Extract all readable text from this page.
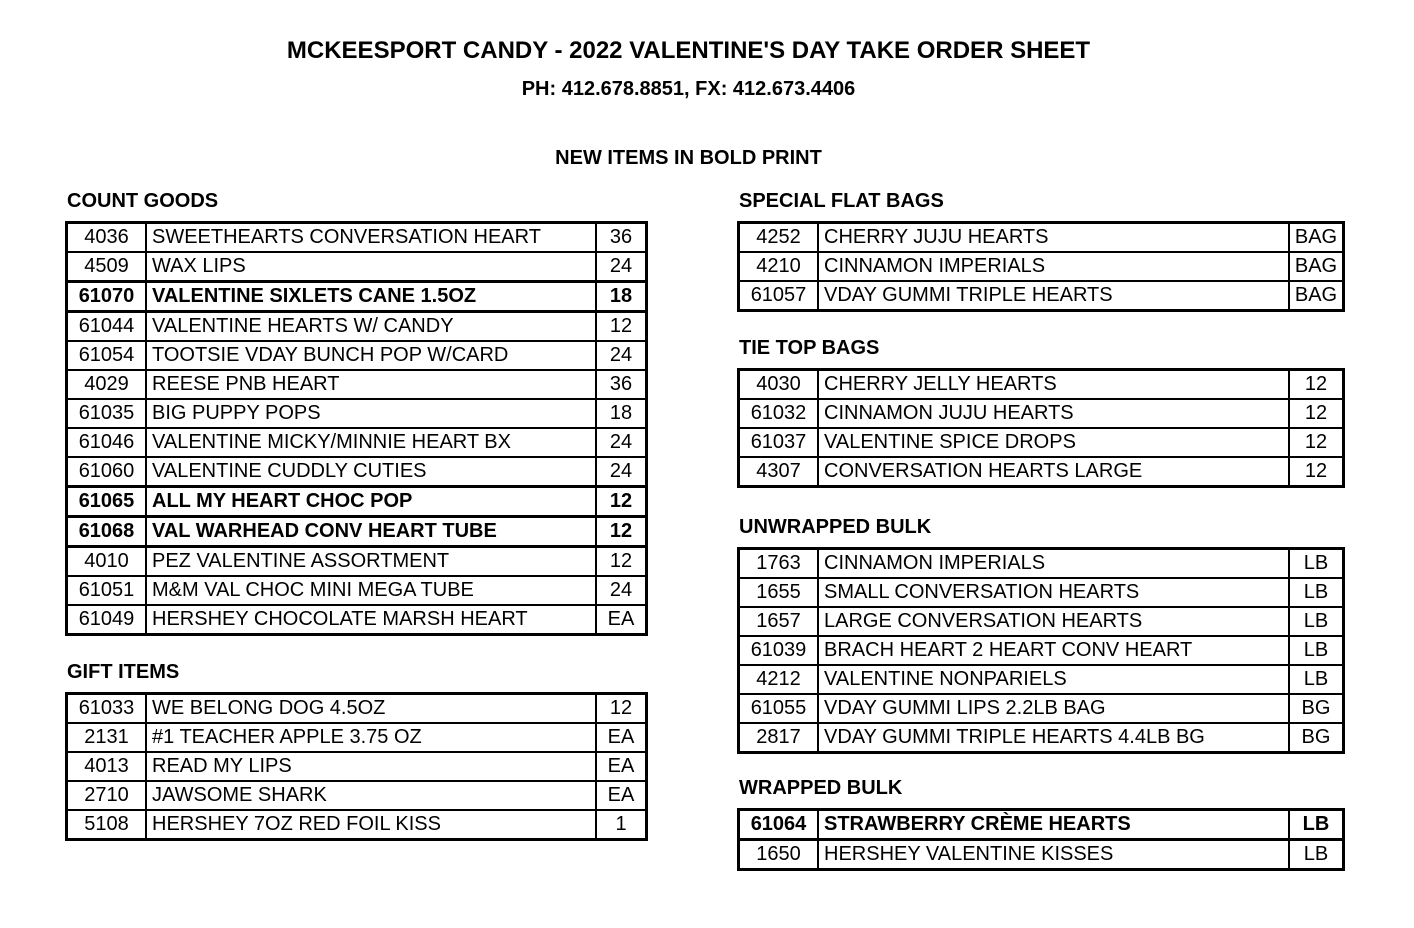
MCKEESPORT CANDY - 2022 VALENTINE'S DAY TAKE ORDER SHEET
PH: 412.678.8851, FX: 412.673.4406
NEW ITEMS IN BOLD PRINT
COUNT GOODS
4036	SWEETHEARTS CONVERSATION HEART	36
4509	WAX LIPS	24
61070 VALENTINE SIXLETS CANE 1.5OZ	18
61044 VALENTINE HEARTS W/ CANDY	12
61054 TOOTSIE VDAY BUNCH POP W/CARD	24
4029	REESE PNB HEART	36
61035 BIG PUPPY POPS	18
61046 VALENTINE MICKY/MINNIE HEART BX	24
61060 VALENTINE CUDDLY CUTIES	24
61065 ALL MY HEART CHOC POP	12
61068 VAL WARHEAD CONV HEART TUBE	12
4010	PEZ VALENTINE ASSORTMENT	12
61051 M&M VAL CHOC MINI MEGA TUBE	24
61049 HERSHEY CHOCOLATE MARSH HEART	EA
GIFT ITEMS
61033 WE BELONG DOG 4.5OZ	12
2131	#1 TEACHER APPLE 3.75 OZ	EA
4013	READ MY LIPS	EA
2710	JAWSOME SHARK	EA
5108	HERSHEY 7OZ RED FOIL KISS	1
SPECIAL FLAT BAGS
4252	CHERRY JUJU HEARTS	BAG
4210	CINNAMON IMPERIALS	BAG
61057 VDAY GUMMI TRIPLE HEARTS	BAG
TIE TOP BAGS
4030	CHERRY JELLY HEARTS	12
61032 CINNAMON JUJU HEARTS	12
61037 VALENTINE SPICE DROPS	12
4307	CONVERSATION HEARTS LARGE	12
UNWRAPPED BULK
1763	CINNAMON IMPERIALS	LB
1655	SMALL CONVERSATION HEARTS	LB
1657	LARGE CONVERSATION HEARTS	LB
61039 BRACH HEART 2 HEART CONV HEART	LB
4212	VALENTINE NONPARIELS	LB
61055 VDAY GUMMI LIPS 2.2LB BAG	BG
2817	VDAY GUMMI TRIPLE HEARTS 4.4LB BG	BG
WRAPPED BULK
61064 STRAWBERRY CRÈME HEARTS	LB
1650	HERSHEY VALENTINE KISSES	LB
